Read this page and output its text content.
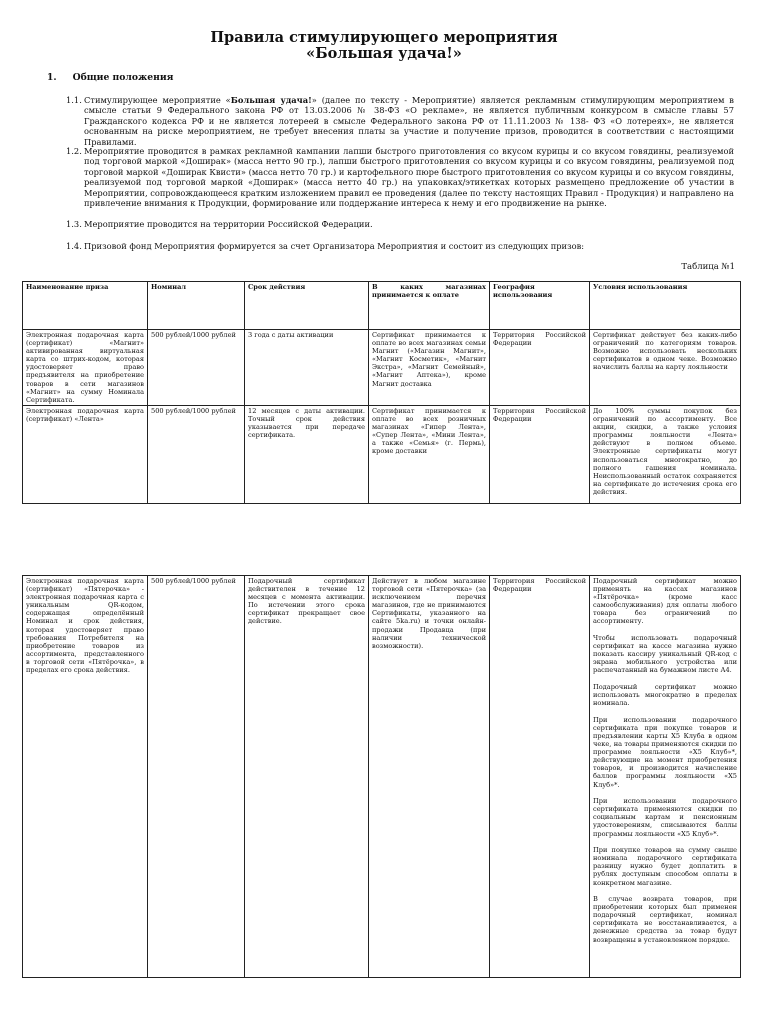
Правила стимулирующего мероприятия
«Большая удача!»
1.     Общие положения
1.1. Стимулирующее мероприятие «Большая удача!» (далее по тексту - Мероприятие) является рекламным стимулирующим мероприятием в смысле статьи 9 Федерального закона РФ от 13.03.2006 № 38-ФЗ «О рекламе», не является публичным конкурсом в смысле главы 57 Гражданского кодекса РФ и не является лотереей в смысле Федерального закона РФ от 11.11.2003 № 138- ФЗ «О лотереях», не является основанным на риске мероприятием, не требует внесения платы за участие и получение призов, проводится в соответствии с настоящими Правилами.
1.2. Мероприятие проводится в рамках рекламной кампании лапши быстрого приготовления со вкусом курицы и со вкусом говядины, реализуемой под торговой маркой «Доширак» (масса нетто 90 гр.), лапши быстрого приготовления со вкусом курицы и со вкусом говядины, реализуемой под торговой маркой «Доширак Квисти» (масса нетто 70 гр.) и картофельного пюре быстрого приготовления со вкусом курицы и со вкусом говядины, реализуемой под торговой маркой «Доширак» (масса нетто 40 гр.) на упаковках/этикетках которых размещено предложение об участии в Мероприятии, сопровождающееся кратким изложением правил ее проведения (далее по тексту настоящих Правил - Продукция) и направлено на привлечение внимания к Продукции, формирование или поддержание интереса к нему и его продвижение на рынке.
1.3. Мероприятие проводится на территории Российской Федерации.
1.4. Призовой фонд Мероприятия формируется за счет Организатора Мероприятия и состоит из следующих призов:
Таблица №1
Наименование приза	Номинал	Срок действия	В каких магазинах принимается к оплате	География использования	Условия использования
Электронная подарочная карта (сертификат) «Магнит» активированная виртуальная карта со штрих-кодом, которая удостоверяет право предъявителя на приобретение товаров в сети магазинов «Магнит» на сумму Номинала Сертификата.	500 рублей/1000 рублей	3 года с даты активации	Сертификат принимается к оплате во всех магазинах семьи Магнит («Магазин Магнит», «Магнит Косметик», «Магнит Экстра», «Магнит Семейный», «Магнит Аптека»), кроме Магнит доставка	Территория Российской Федерации	Сертификат действует без каких-либо ограничений по категориям товаров. Возможно использовать нескольких сертификатов в одном чеке. Возможно начислить баллы на карту лояльности
Электронная подарочная карта (сертификат) «Лента»	500 рублей/1000 рублей	12 месяцев с даты активации. Точный срок действия указывается при передаче сертификата.	Сертификат принимается к оплате во всех розничных магазинах «Гипер Лента», «Супер Лента», «Мини Лента», а также «Семья» (г. Пермь), кроме доставки	Территория Российской Федерации	До 100% суммы покупок без ограничений по ассортименту. Все акции, скидки, а также условия программы лояльности «Лента» действуют в полном объеме. Электронные сертификаты могут использоваться многократно, до полного гашения номинала. Неиспользованный остаток сохраняется на сертификате до истечения срока его действия.
Электронная подарочная карта (сертификат) «Пятерочка» - электронная подарочная карта с уникальным QR-кодом, содержащая определённый Номинал и срок действия, которая удостоверяет право требования Потребителя на приобретение товаров из ассортимента, представленного в торговой сети «Пятёрочка», в пределах его срока действия.	500 рублей/1000 рублей	Подарочный сертификат действителен в течение 12 месяцев с момента активации. По истечении этого срока сертификат прекращает свое действие.	Действует в любом магазине торговой сети «Пятерочка» (за исключением перечня магазинов, где не принимаются Сертификаты, указанного на сайте 5ka.ru) и точки онлайн-продажи Продавца (при наличии технической возможности).	Территория Российской Федерации	
Подарочный сертификат можно применять на кассах магазинов «Пятёрочка» (кроме касс самообслуживания) для оплаты любого товара без ограничений по ассортименту.
Чтобы использовать подарочный сертификат на кассе магазина нужно показать кассиру уникальный QR-код с экрана мобильного устройства или распечатанный на бумажном листе А4.
Подарочный сертификат можно использовать многократно в пределах номинала.
При использовании подарочного сертификата при покупке товаров и предъявлении карты Х5 Клуба в одном чеке, на товары применяются скидки по программе лояльности «Х5 Клуб»*, действующие на момент приобретения товаров, и производится начисление баллов программы лояльности «Х5 Клуб»*.
При использовании подарочного сертификата применяются скидки по социальным картам и пенсионным удостоверениям, списываются баллы программы лояльности «Х5 Клуб»*.
При покупке товаров на сумму свыше номинала подарочного сертификата разницу нужно будет доплатить в рублях доступным способом оплаты в конкретном магазине.
В случае возврата товаров, при приобретении которых был применен подарочный сертификат, номинал сертификата не восстанавливается, а денежные средства за товар будут возвращены в установленном порядке.
